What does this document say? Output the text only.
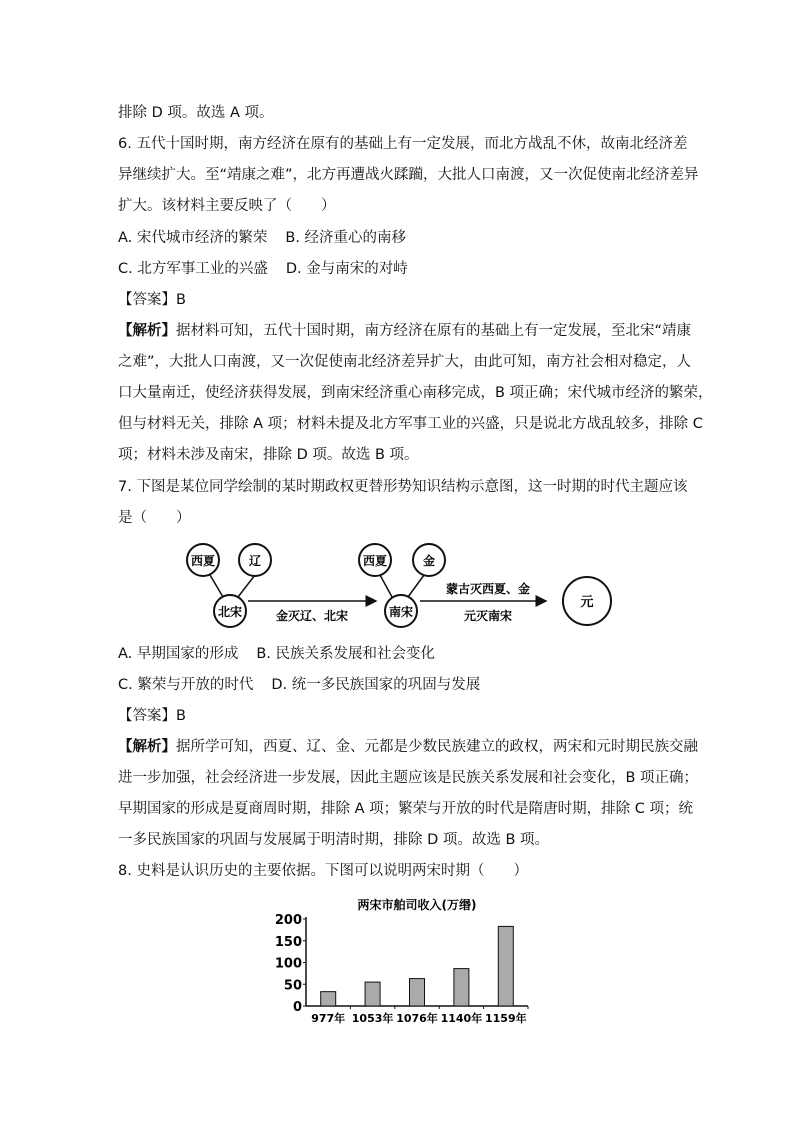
排除 D 项。故选 A 项。
6. 五代十国时期，南方经济在原有的基础上有一定发展，而北方战乱不休，故南北经济差
异继续扩大。至“靖康之难”，北方再遭战火蹂躏，大批人口南渡，又一次促使南北经济差异
扩大。该材料主要反映了（　　）
A. 宋代城市经济的繁荣 B. 经济重心的南移
C. 北方军事工业的兴盛 D. 金与南宋的对峙
【答案】B
【解析】据材料可知，五代十国时期，南方经济在原有的基础上有一定发展，至北宋“靖康
之难”，大批人口南渡，又一次促使南北经济差异扩大，由此可知，南方社会相对稳定，人
口大量南迁，使经济获得发展，到南宋经济重心南移完成，B 项正确；宋代城市经济的繁荣，
但与材料无关，排除 A 项；材料未提及北方军事工业的兴盛，只是说北方战乱较多，排除 C
项；材料未涉及南宋，排除 D 项。故选 B 项。
7. 下图是某位同学绘制的某时期政权更替形势知识结构示意图，这一时期的时代主题应该
是（　　）
西夏	辽
北宋	金灭辽、北宋
西夏	金
南宋
蒙古灭西夏、金
元灭南宋
元
A. 早期国家的形成 B. 民族关系发展和社会变化
C. 繁荣与开放的时代 D. 统一多民族国家的巩固与发展
【答案】B
【解析】据所学可知，西夏、辽、金、元都是少数民族建立的政权，两宋和元时期民族交融
进一步加强，社会经济进一步发展，因此主题应该是民族关系发展和社会变化，B 项正确；
早期国家的形成是夏商周时期，排除 A 项；繁荣与开放的时代是隋唐时期，排除 C 项；统
一多民族国家的巩固与发展属于明清时期，排除 D 项。故选 B 项。
8. 史料是认识历史的主要依据。下图可以说明两宋时期（　　）
两宋市舶司收入(万缗)
0
50
100
150
200
977年 1053年 1076年 1140年 1159年
